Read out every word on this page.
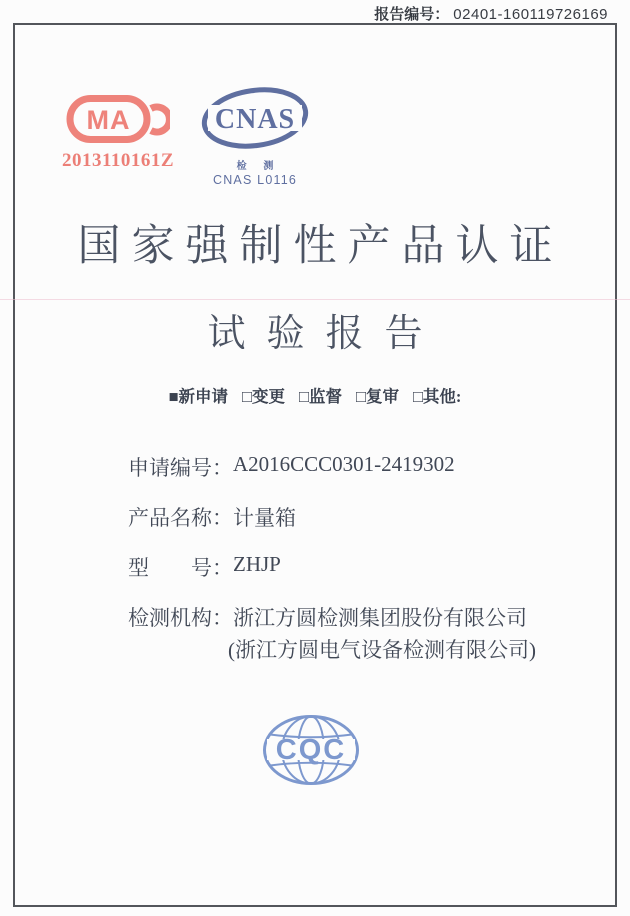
报告编号： 02401-160119726169
MA
2013110161Z
CNAS
检 测
CNAS L0116
国家强制性产品认证
试验报告
■新申请 □变更 □监督 □复审 □其他:
申请编号： A2016CCC0301-2419302
产品名称： 计量箱
型　　号： ZHJP
检测机构： 浙江方圆检测集团股份有限公司
(浙江方圆电气设备检测有限公司)
CQC
